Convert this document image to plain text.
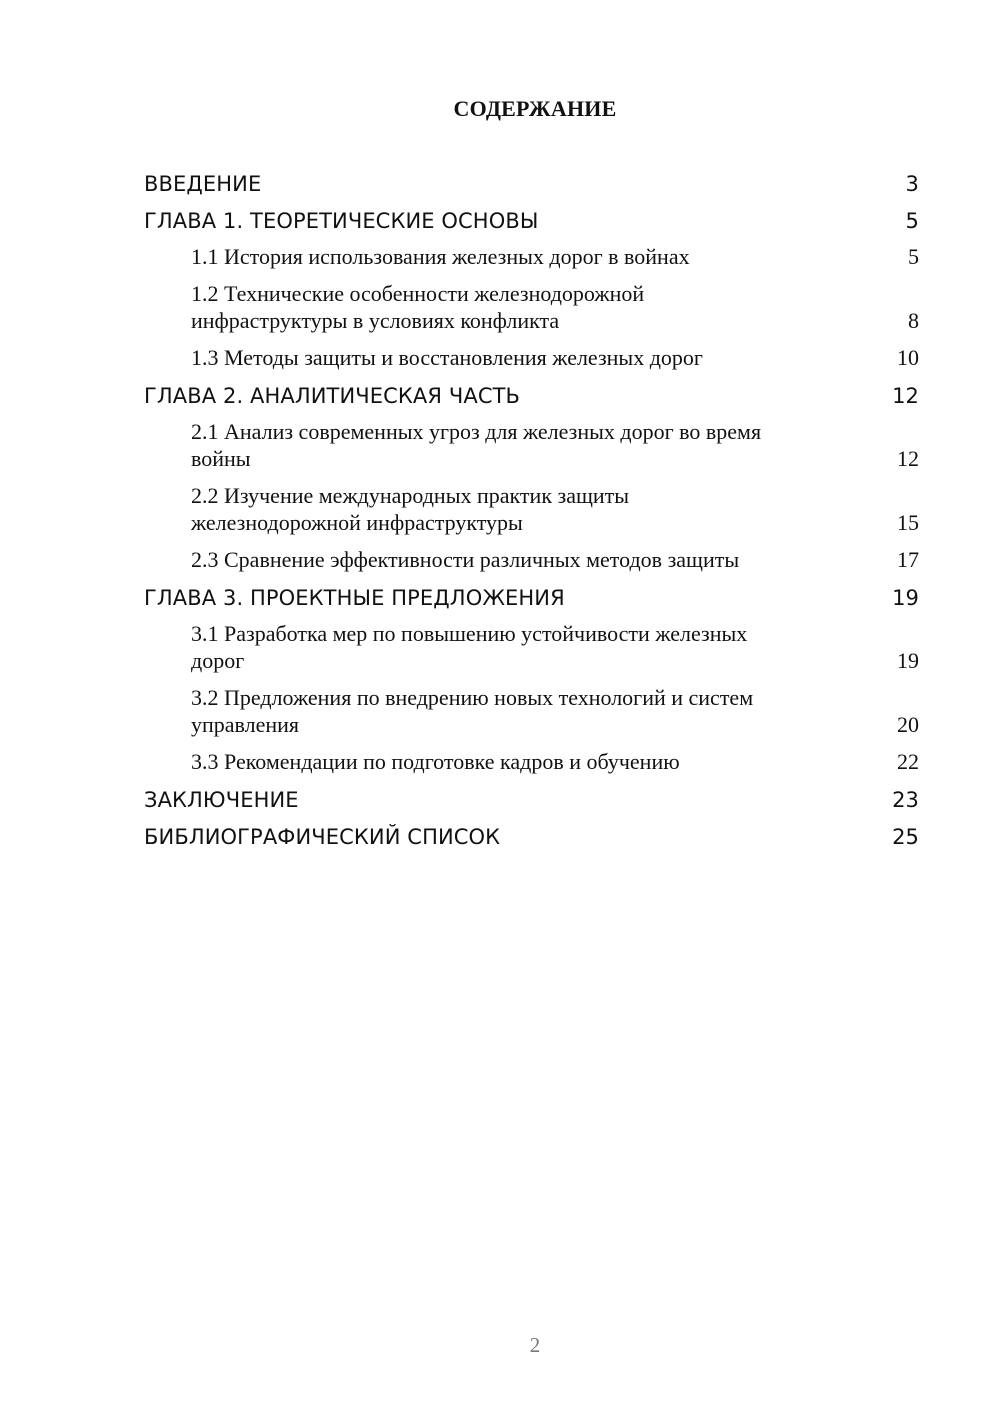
СОДЕРЖАНИЕ
ВВЕДЕНИЕ	3
ГЛАВА 1. ТЕОРЕТИЧЕСКИЕ ОСНОВЫ	5
1.1 История использования железных дорог в войнах	5
1.2 Технические особенности железнодорожной инфраструктуры в условиях конфликта	8
1.3 Методы защиты и восстановления железных дорог	10
ГЛАВА 2. АНАЛИТИЧЕСКАЯ ЧАСТЬ	12
2.1 Анализ современных угроз для железных дорог во время войны	12
2.2 Изучение международных практик защиты железнодорожной инфраструктуры	15
2.3 Сравнение эффективности различных методов защиты	17
ГЛАВА 3. ПРОЕКТНЫЕ ПРЕДЛОЖЕНИЯ	19
3.1 Разработка мер по повышению устойчивости железных дорог	19
3.2 Предложения по внедрению новых технологий и систем управления	20
3.3 Рекомендации по подготовке кадров и обучению	22
ЗАКЛЮЧЕНИЕ	23
БИБЛИОГРАФИЧЕСКИЙ СПИСОК	25
2
